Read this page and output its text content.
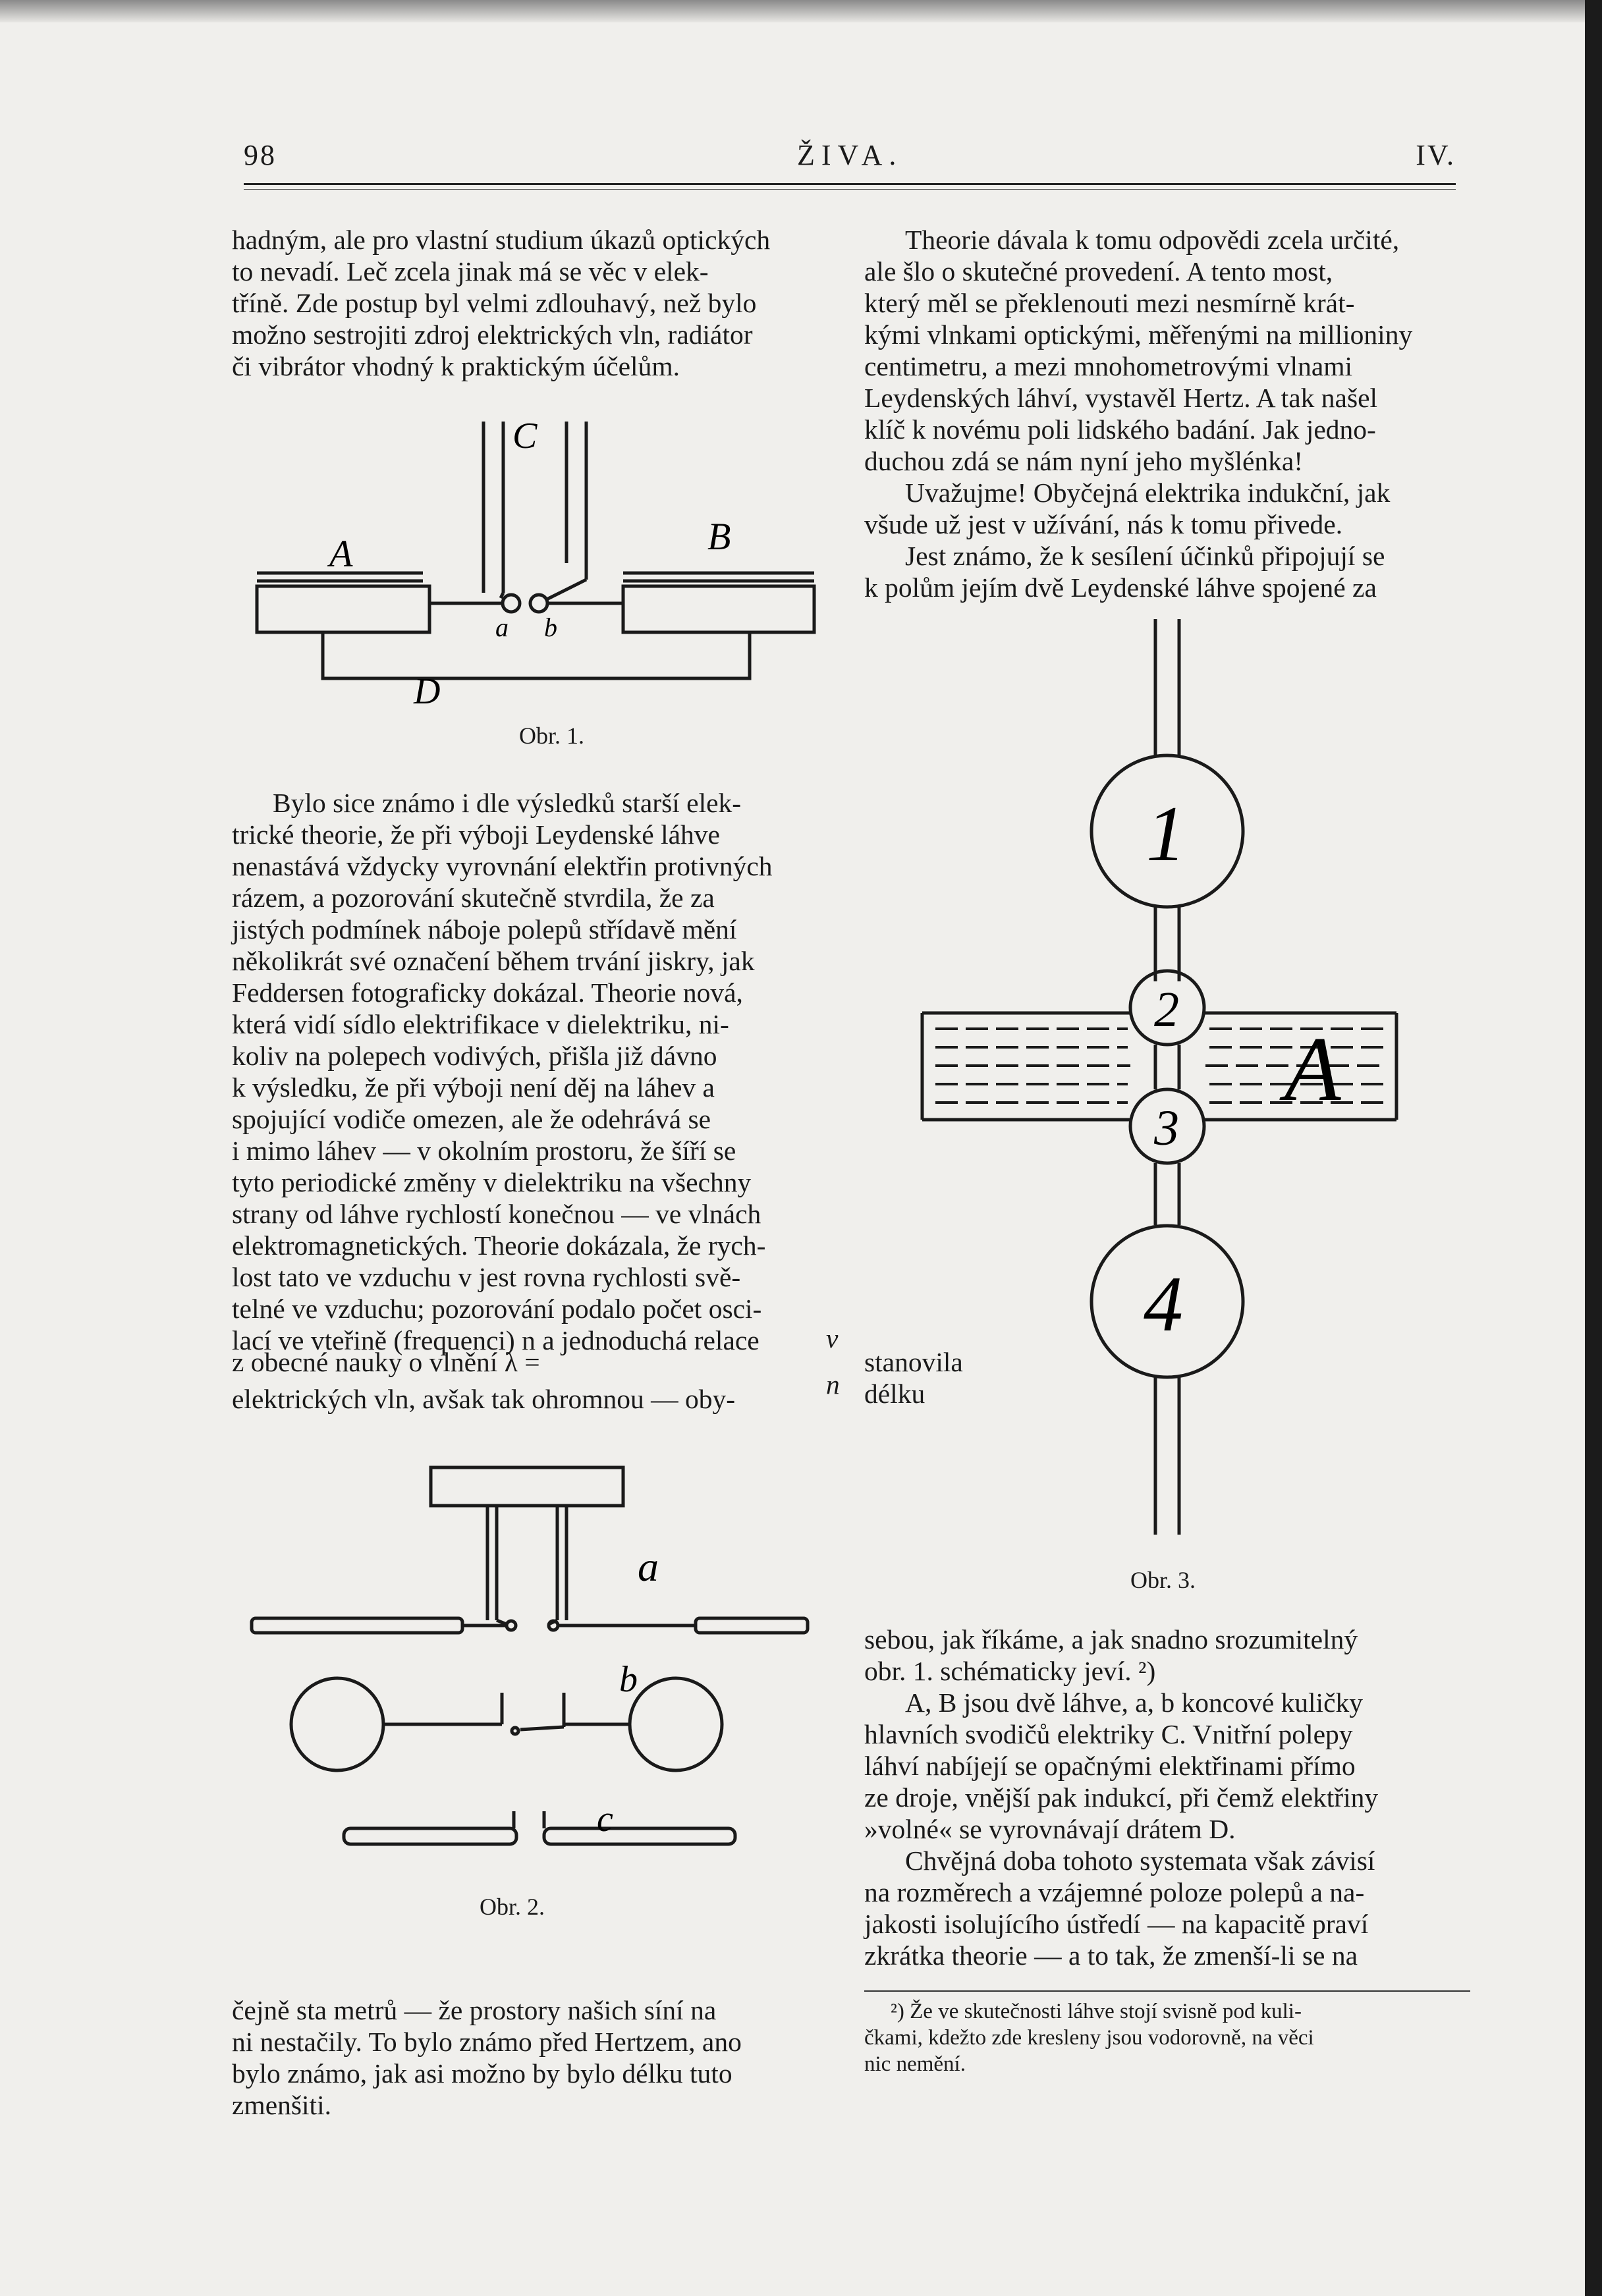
98	ŽIVA.	IV.

hadným, ale pro vlastní studium úkazů optických

to nevadí. Leč zcela jinak má se věc v elek-

tříně. Zde postup byl velmi zdlouhavý, než bylo

možno sestrojiti zdroj elektrických vln, radiátor

či vibrátor vhodný k praktickým účelům.

Theorie dávala k tomu odpovědi zcela určité,

ale šlo o skutečné provedení. A tento most,

který měl se překlenouti mezi nesmírně krát-

kými vlnkami optickými, měřenými na millioniny

centimetru, a mezi mnohometrovými vlnami

Leydenských láhví, vystavěl Hertz. A tak našel

klíč k novému poli lidského badání. Jak jedno-

duchou zdá se nám nyní jeho myšlénka!

Uvažujme! Obyčejná elektrika indukční, jak

všude už jest v užívání, nás k tomu přivede.

Jest známo, že k sesílení účinků připojují se

k polům jejím dvě Leydenské láhve spojené za

C
A	B
a b
D
Obr. 1.

Bylo sice známo i dle výsledků starší elek-

trické theorie, že při výboji Leydenské láhve

nenastává vždycky vyrovnání elektřin protivných

rázem, a pozorování skutečně stvrdila, že za

jistých podmínek náboje polepů střídavě mění

několikrát své označení během trvání jiskry, jak

Feddersen fotograficky dokázal. Theorie nová,

která vidí sídlo elektrifikace v dielektriku, ni-

koliv na polepech vodivých, přišla již dávno

k výsledku, že při výboji není děj na láhev a

spojující vodiče omezen, ale že odehrává se

i mimo láhev — v okolním prostoru, že šíří se

tyto periodické změny v dielektriku na všechny

strany od láhve rychlostí konečnou — ve vlnách

elektromagnetických. Theorie dokázala, že rych-

lost tato ve vzduchu v jest rovna rychlosti svě-

telné ve vzduchu; pozorování podalo počet osci-

lací ve vteřině (frequenci) n a jednoduchá relace

z obecné nauky o vlnění λ =
v
n
stanovila délku

elektrických vln, avšak tak ohromnou — oby-

a
b
c
Obr. 2.

čejně sta metrů — že prostory našich síní na

ni nestačily. To bylo známo před Hertzem, ano

bylo známo, jak asi možno by bylo délku tuto

zmenšiti.

1
2
3
4
A
Obr. 3.

sebou, jak říkáme, a jak snadno srozumitelný

obr. 1. schématicky jeví. ²)

A, B jsou dvě láhve, a, b koncové kuličky

hlavních svodičů elektriky C. Vnitřní polepy

láhví nabíjejí se opačnými elektřinami přímo

ze droje, vnější pak indukcí, při čemž elektřiny

»volné« se vyrovnávají drátem D.

Chvějná doba tohoto systemata však závisí

na rozměrech a vzájemné poloze polepů a na-

jakosti isolujícího ústředí — na kapacitě praví

zkrátka theorie — a to tak, že zmenší-li se na

²) Že ve skutečnosti láhve stojí svisně pod kuli-
čkami, kdežto zde kresleny jsou vodorovně, na věci
nic nemění.
